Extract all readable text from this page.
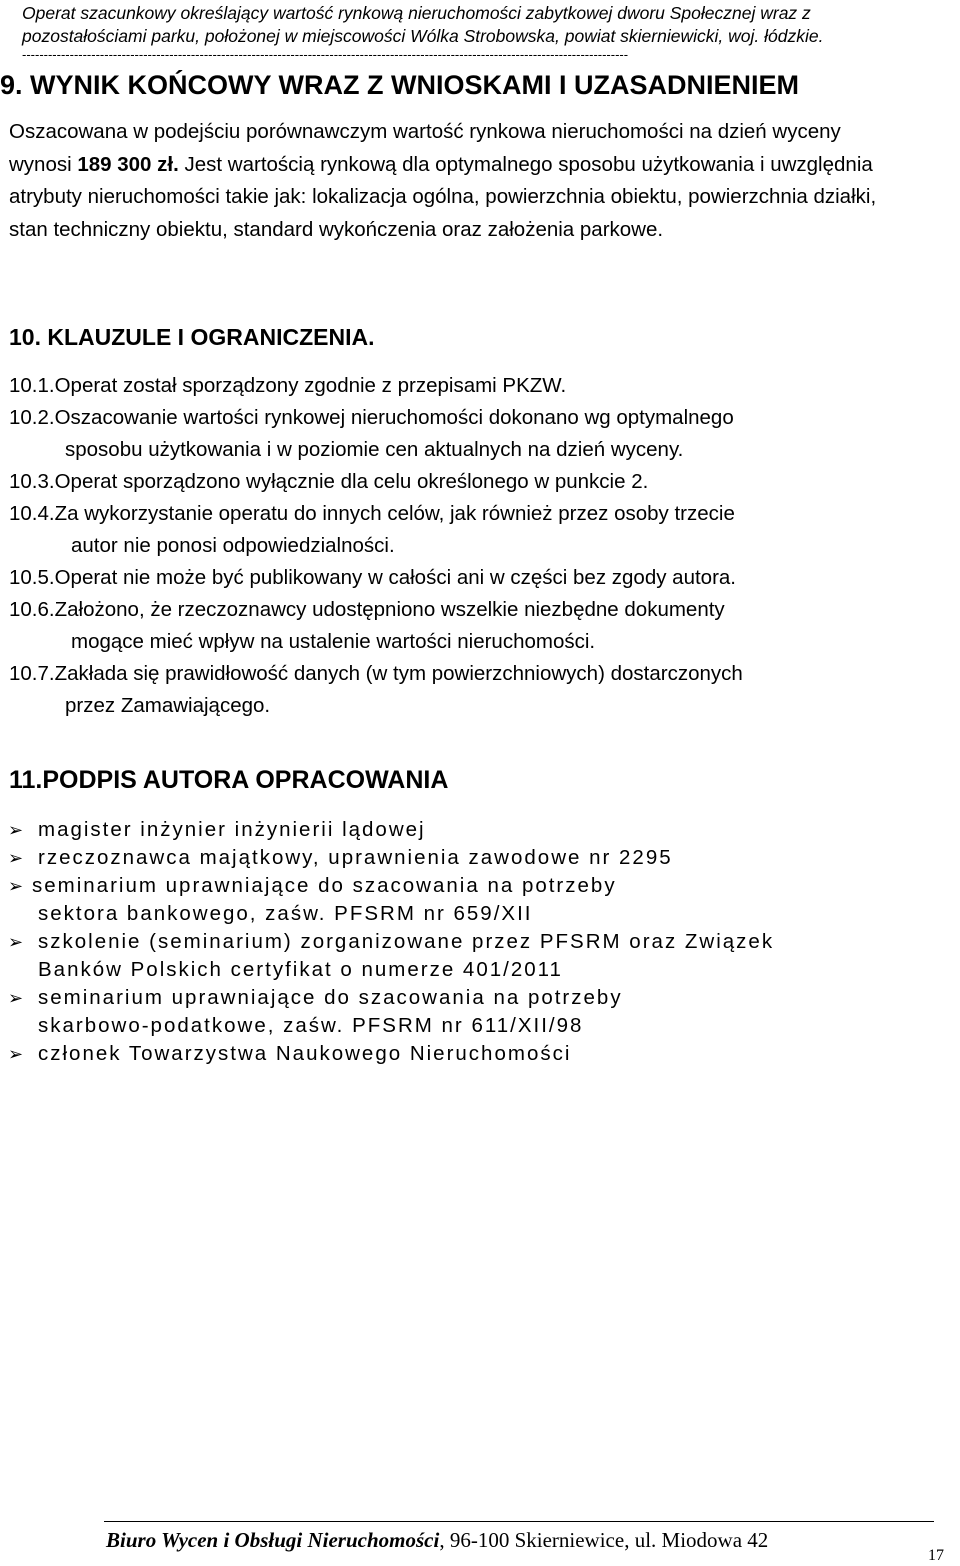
Operat szacunkowy określający wartość rynkową nieruchomości zabytkowej dworu Społecznej wraz z
pozostałościami parku, położonej w miejscowości Wólka Strobowska, powiat skierniewicki, woj. łódzkie.
--------------------------------------------------------------------------------------------------------------------------------------------
9. WYNIK KOŃCOWY WRAZ Z WNIOSKAMI I UZASADNIENIEM
Oszacowana w podejściu porównawczym wartość rynkowa nieruchomości na dzień wyceny wynosi 189 300 zł. Jest wartością rynkową dla optymalnego sposobu użytkowania i uwzględnia atrybuty nieruchomości takie jak: lokalizacja ogólna, powierzchnia obiektu, powierzchnia działki, stan techniczny obiektu, standard wykończenia oraz założenia parkowe.
10. KLAUZULE I OGRANICZENIA.
10.1.Operat został sporządzony zgodnie z przepisami PKZW.
10.2.Oszacowanie wartości rynkowej nieruchomości dokonano wg optymalnego
sposobu użytkowania i w poziomie cen aktualnych na dzień wyceny.
10.3.Operat sporządzono wyłącznie dla celu określonego w punkcie 2.
10.4.Za wykorzystanie operatu do innych celów, jak również przez osoby trzecie
autor nie ponosi odpowiedzialności.
10.5.Operat nie może być publikowany w całości ani w części bez zgody autora.
10.6.Założono, że rzeczoznawcy udostępniono wszelkie niezbędne dokumenty
mogące mieć wpływ na ustalenie wartości nieruchomości.
10.7.Zakłada się prawidłowość danych (w tym powierzchniowych) dostarczonych
przez Zamawiającego.
11.PODPIS AUTORA OPRACOWANIA
➢ magister inżynier inżynierii lądowej
➢ rzeczoznawca majątkowy, uprawnienia zawodowe nr 2295
➢ seminarium uprawniające do szacowania na potrzeby
sektora bankowego, zaśw. PFSRM nr 659/XII
➢ szkolenie (seminarium) zorganizowane przez PFSRM oraz Związek
Banków Polskich certyfikat o numerze 401/2011
➢ seminarium uprawniające do szacowania na potrzeby
skarbowo-podatkowe, zaśw. PFSRM nr 611/XII/98
➢ członek Towarzystwa Naukowego Nieruchomości
Biuro Wycen i Obsługi Nieruchomości, 96-100 Skierniewice, ul. Miodowa 42
17
